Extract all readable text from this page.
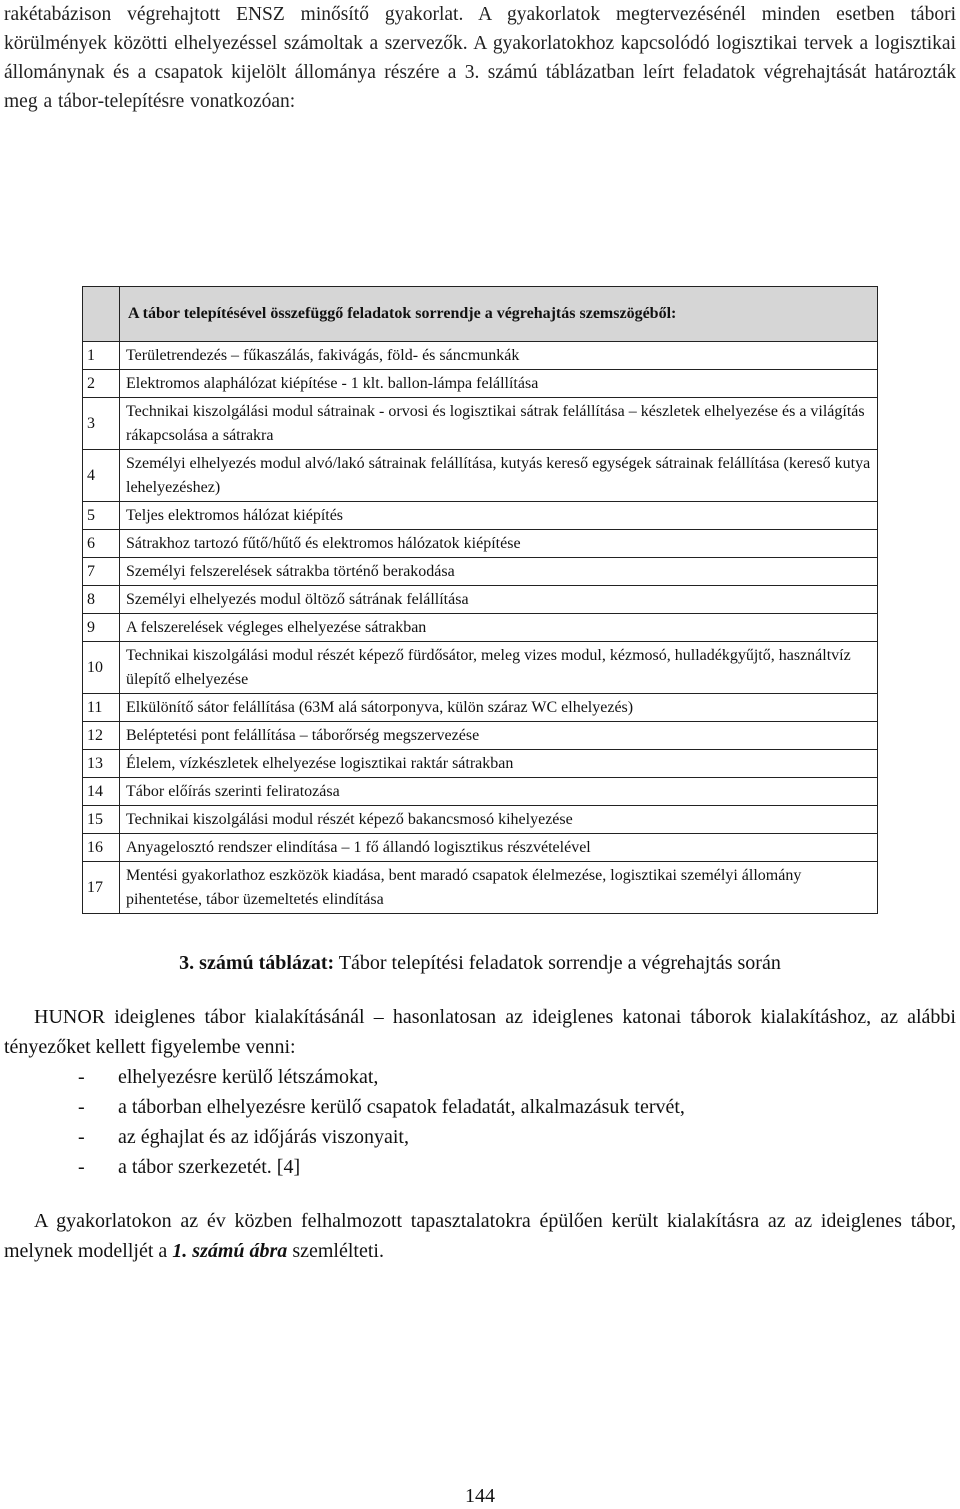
rakétabázison végrehajtott ENSZ minősítő gyakorlat. A gyakorlatok megtervezésénél minden esetben tábori körülmények közötti elhelyezéssel számoltak a szervezők. A gyakorlatokhoz kapcsolódó logisztikai tervek a logisztikai állománynak és a csapatok kijelölt állománya részére a 3. számú táblázatban leírt feladatok végrehajtását határozták meg a tábor-telepítésre vonatkozóan:

	A tábor telepítésével összefüggő feladatok sorrendje a végrehajtás szemszögéből:
1	Területrendezés – fűkaszálás, fakivágás, föld- és sáncmunkák
2	Elektromos alaphálózat kiépítése - 1 klt. ballon-lámpa felállítása
3	Technikai kiszolgálási modul sátrainak - orvosi és logisztikai sátrak felállítása – készletek elhelyezése és a világítás rákapcsolása a sátrakra
4	Személyi elhelyezés modul alvó/lakó sátrainak felállítása, kutyás kereső egységek sátrainak felállítása (kereső kutya lehelyezéshez)
5	Teljes elektromos hálózat kiépítés
6	Sátrakhoz tartozó fűtő/hűtő és elektromos hálózatok kiépítése
7	Személyi felszerelések sátrakba történő berakodása
8	Személyi elhelyezés modul öltöző sátrának felállítása
9	A felszerelések végleges elhelyezése sátrakban
10	Technikai kiszolgálási modul részét képező fürdősátor, meleg vizes modul, kézmosó, hulladékgyűjtő, használtvíz ülepítő elhelyezése
11	Elkülönítő sátor felállítása (63M alá sátorponyva, külön száraz WC elhelyezés)
12	Beléptetési pont felállítása – táborőrség megszervezése
13	Élelem, vízkészletek elhelyezése logisztikai raktár sátrakban
14	Tábor előírás szerinti feliratozása
15	Technikai kiszolgálási modul részét képező bakancsmosó kihelyezése
16	Anyagelosztó rendszer elindítása – 1 fő állandó logisztikus részvételével
17	Mentési gyakorlathoz eszközök kiadása, bent maradó csapatok élelmezése, logisztikai személyi állomány pihentetése, tábor üzemeltetés elindítása
3. számú táblázat: Tábor telepítési feladatok sorrendje a végrehajtás során

HUNOR ideiglenes tábor kialakításánál – hasonlatosan az ideiglenes katonai táborok kialakításhoz, az alábbi tényezőket kellett figyelembe venni:

- elhelyezésre kerülő létszámokat,
- a táborban elhelyezésre kerülő csapatok feladatát, alkalmazásuk tervét,
- az éghajlat és az időjárás viszonyait,
- a tábor szerkezetét. [4]

A gyakorlatokon az év közben felhalmozott tapasztalatokra épülően került kialakításra az az ideiglenes tábor, melynek modelljét a 1. számú ábra szemlélteti.

144
